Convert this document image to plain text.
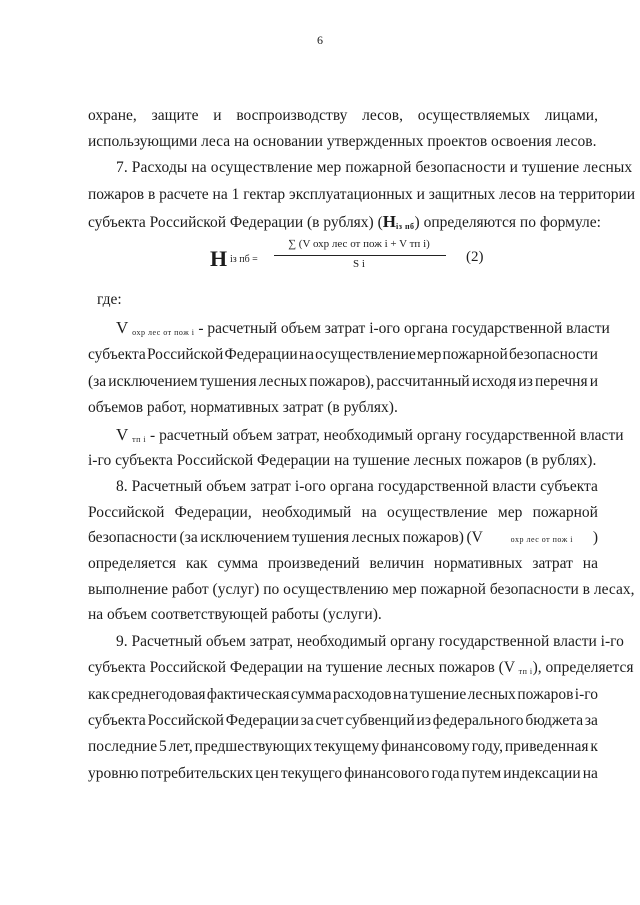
6
охране, защите и воспроизводству лесов, осуществляемых лицами,
использующими леса на основании утвержденных проектов освоения лесов.
7. Расходы на осуществление мер пожарной безопасности и тушение лесных
пожаров в расчете на 1 гектар эксплуатационных и защитных лесов на территории
субъекта Российской Федерации (в рублях) $(Н_{iз пб})$ определяются по формуле:
Н iз пб =
∑ (V охр лес от пож i + V тп i)
S i	(2)
где:
V $_{охр лес от пож i}$ - расчетный объем затрат i-ого органа государственной власти
субъекта Российской Федерации на осуществление мер пожарной безопасности
(за исключением тушения лесных пожаров), рассчитанный исходя из перечня и
объемов работ, нормативных затрат (в рублях).
V $_{тп i}$ - расчетный объем затрат, необходимый органу государственной власти
i-го субъекта Российской Федерации на тушение лесных пожаров (в рублях).
8. Расчетный объем затрат i-ого органа государственной власти субъекта
Российской Федерации, необходимый на осуществление мер пожарной
безопасности (за исключением тушения лесных пожаров) (V	охр лес от пож i	)
определяется как сумма произведений величин нормативных затрат на
выполнение работ (услуг) по осуществлению мер пожарной безопасности в лесах,
на объем соответствующей работы (услуги).
9. Расчетный объем затрат, необходимый органу государственной власти i-го
субъекта Российской Федерации на тушение лесных пожаров (V $_{тп i}$), определяется
как среднегодовая фактическая сумма расходов на тушение лесных пожаров i-го
субъекта Российской Федерации за счет субвенций из федерального бюджета за
последние 5 лет, предшествующих текущему финансовому году, приведенная к
уровню потребительских цен текущего финансового года путем индексации на
